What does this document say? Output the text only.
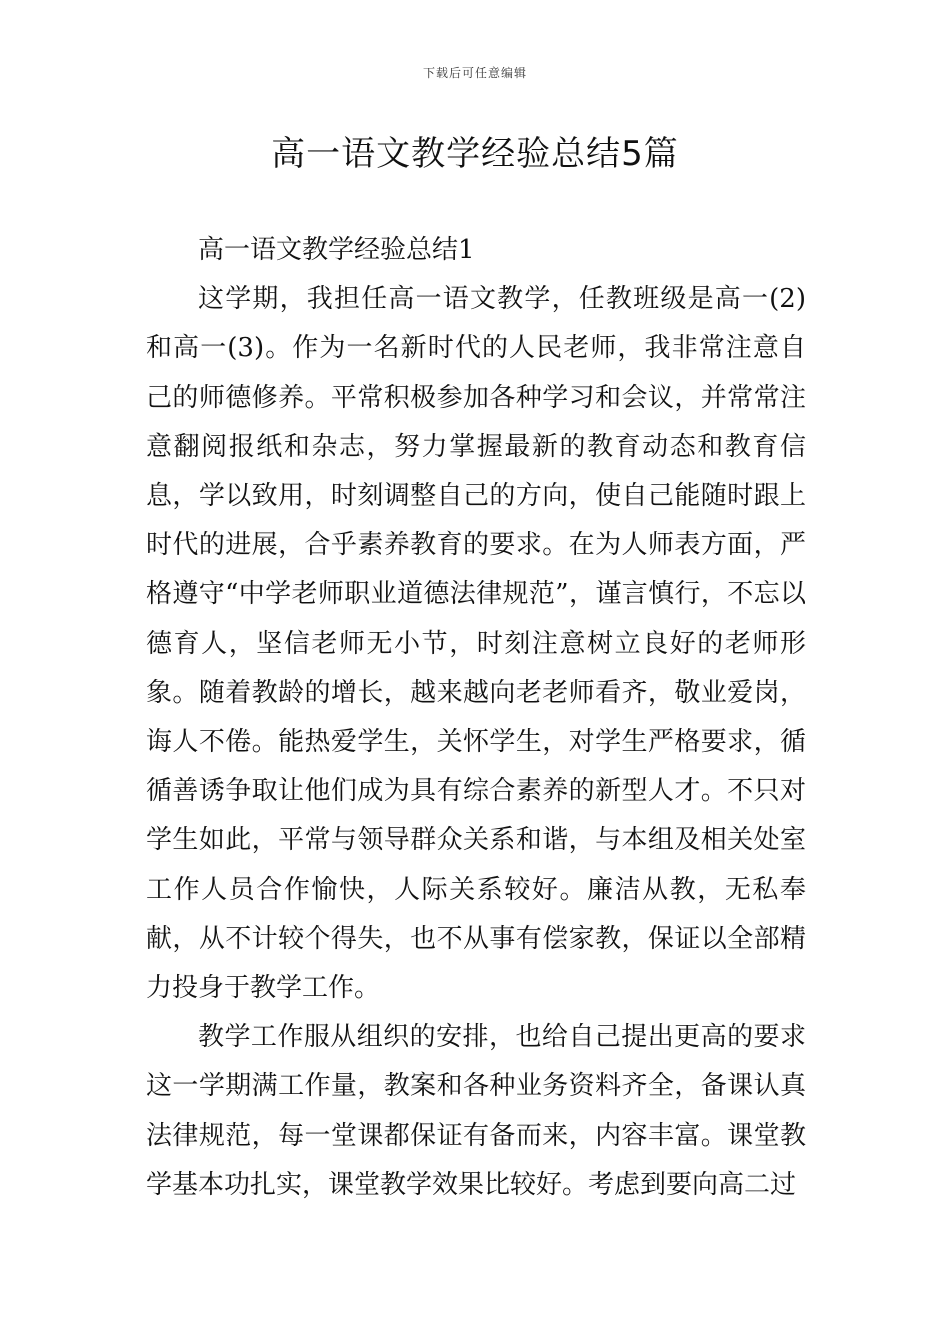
下载后可任意编辑
高一语文教学经验总结5篇

高一语文教学经验总结1

这学期，我担任高一语文教学，任教班级是高一(2)和高一(3)。作为一名新时代的人民老师，我非常注意自己的师德修养。平常积极参加各种学习和会议，并常常注意翻阅报纸和杂志，努力掌握最新的教育动态和教育信息，学以致用，时刻调整自己的方向，使自己能随时跟上时代的进展，合乎素养教育的要求。在为人师表方面，严格遵守“中学老师职业道德法律规范”，谨言慎行，不忘以德育人，坚信老师无小节，时刻注意树立良好的老师形象。随着教龄的增长，越来越向老老师看齐，敬业爱岗，诲人不倦。能热爱学生，关怀学生，对学生严格要求，循循善诱争取让他们成为具有综合素养的新型人才。不只对学生如此，平常与领导群众关系和谐，与本组及相关处室工作人员合作愉快，人际关系较好。廉洁从教，无私奉献，从不计较个得失，也不从事有偿家教，保证以全部精力投身于教学工作。

教学工作服从组织的安排，也给自己提出更高的要求这一学期满工作量，教案和各种业务资料齐全，备课认真法律规范，每一堂课都保证有备而来，内容丰富。课堂教学基本功扎实，课堂教学效果比较好。考虑到要向高二过
